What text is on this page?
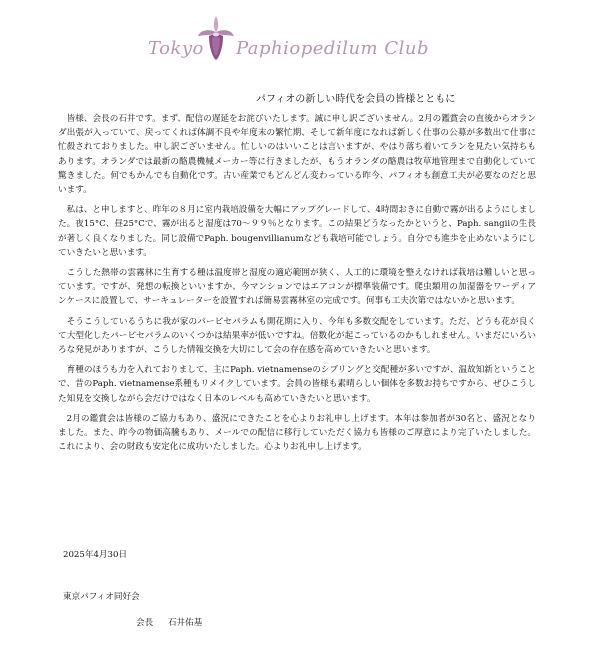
Tokyo Paphiopedilum Club
パフィオの新しい時代を会員の皆様とともに

皆様、会長の石井です。まず、配信の遅延をお詫びいたします。誠に申し訳ございません。2月の鑑賞会の直後からオランダ出張が入っていて、戻ってくれば体調不良や年度末の繁忙期、そして新年度になれば新しく仕事の公募が多数出て仕事に忙殺されておりました。申し訳ございません。忙しいのはいいことは言いますが、やはり落ち着いてランを見たい気持ちもあります。オランダでは最新の酪農機械メーカー等に行きましたが、もうオランダの酪農は牧草地管理まで自動化していて驚きました。何でもかんでも自動化です。古い産業でもどんどん変わっている昨今、パフィオも創意工夫が必要なのだと思います。

私は、と申しますと、昨年の８月に室内栽培設備を大幅にアップグレードして、4時間おきに自動で霧が出るようにしました。夜15°C、昼25°Cで、霧が出ると湿度は70～９９％となります。この結果どうなったかというと、Paph. sangiiの生長が著しく良くなりました。同じ設備でPaph. bougenvillianumなども栽培可能でしょう。自分でも進歩を止めないようにしていきたいと思います。

こうした熱帯の雲霧林に生育する種は温度帯と湿度の適応範囲が狭く、人工的に環境を整えなければ栽培は難しいと思っています。ですが、発想の転換といいますか、今マンションではエアコンが標準装備です。爬虫類用の加湿器をワーディアンケースに設置して、サーキュレーターを設置すれば簡易雲霧林室の完成です。何事も工夫次第ではないかと思います。

そうこうしているうちに我が家のパーピセパラムも開花期に入り、今年も多数交配をしています。ただ、どうも花が良くて大型化したパーピセパラムのいくつかは結果率が低いですね。倍数化が起こっているのかもしれません。いまだにいろいろな発見がありますが、こうした情報交換を大切にして会の存在感を高めていきたいと思います。

育種のほうも力を入れておりまして、主にPaph. vietnamenseのシブリングと交配種が多いですが、温故知新ということで、昔のPaph. vietnamense系種もリメイクしています。会員の皆様も素晴らしい個体を多数お持ちですから、ぜひこうした知見を交換しながら会だけではなく日本のレベルも高めていきたいと思います。

2月の鑑賞会は皆様のご協力もあり、盛況にできたことを心よりお礼申し上げます。本年は参加者が30名と、盛況となりました。また、昨今の物価高騰もあり、メールでの配信に移行していただく協力も皆様のご厚意により完了いたしました。これにより、会の財政も安定化に成功いたしました。心よりお礼申し上げます。

2025年4月30日
東京パフィオ同好会
会長 石井佑基
